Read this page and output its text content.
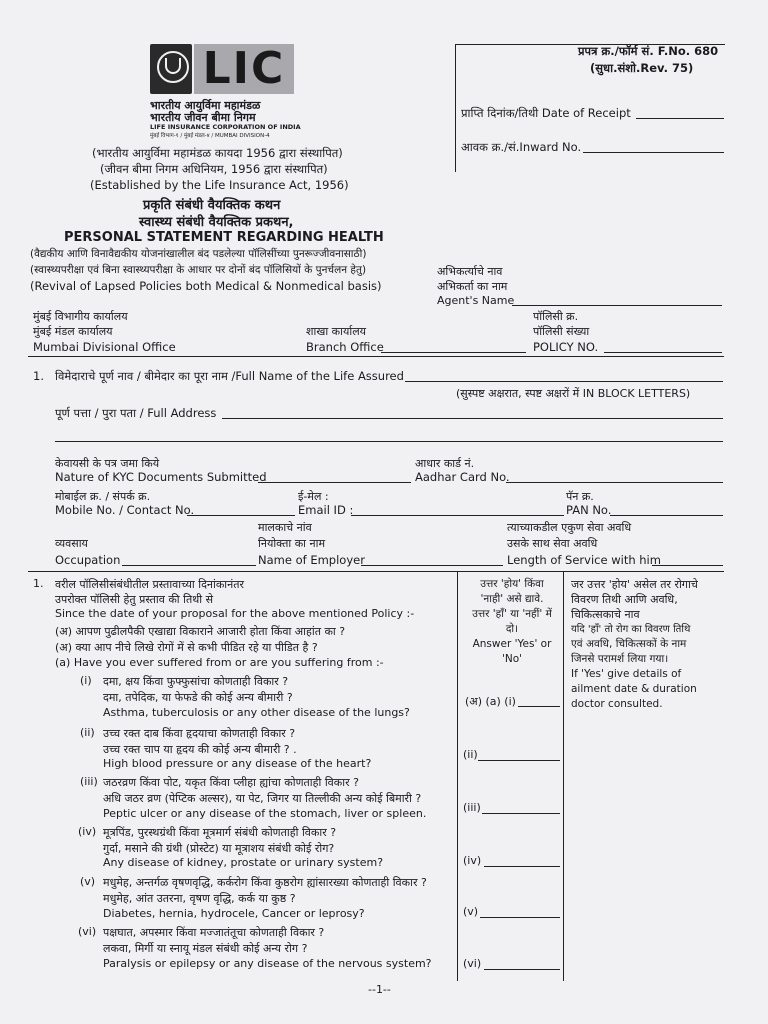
LIC
भारतीय आयुर्विमा महामंडळ
भारतीय जीवन बीमा निगम
LIFE INSURANCE CORPORATION OF INDIA
मुंबई विभाग-१ / मुंबई मंडल-४ / MUMBAI DIVISION-4
(भारतीय आयुर्विमा महामंडळ कायदा 1956 द्वारा संस्थापित)
(जीवन बीमा निगम अधिनियम, 1956 द्वारा संस्थापित)
(Established by the Life Insurance Act, 1956)
प्रपत्र क्र./फॉर्म सं. F.No. 680
(सुधा.संशो.Rev. 75)
प्राप्ति दिनांक/तिथी Date of Receipt
आवक क्र./सं.Inward No.
प्रकृति संबंधी वैयक्तिक कथन
स्वास्थ्य संबंधी वैयक्तिक प्रकथन,
PERSONAL STATEMENT REGARDING HEALTH
(वैद्यकीय आणि विनावैद्यकीय योजनांखालील बंद पडलेल्या पॉलिसींच्या पुनरूज्जीवनासाठी)
(स्वास्थ्यपरीक्षा एवं बिना स्वास्थ्यपरीक्षा के आधार पर दोनों बंद पॉलिसियों के पुनर्चलन हेतु)
(Revival of Lapsed Policies both Medical & Nonmedical basis)
अभिकर्त्याचे नाव
अभिकर्ता का नाम
Agent's Name
मुंबई विभागीय कार्यालय
मुंबई मंडल कार्यालय
Mumbai Divisional Office
शाखा कार्यालय
Branch Office
पॉलिसी क्र.
पॉलिसी संख्या
POLICY NO.
1. विमेदाराचे पूर्ण नाव / बीमेदार का पूरा नाम /Full Name of the Life Assured
(सुस्पष्ट अक्षरात, स्पष्ट अक्षरों में IN BLOCK LETTERS)
पूर्ण पत्ता / पुरा पता / Full Address
केवायसी के पत्र जमा किये
Nature of KYC Documents Submitted
आधार कार्ड नं.
Aadhar Card No.
मोबाईल क्र. / संपर्क क्र.
Mobile No. / Contact No.
ई-मेल :
Email ID :
पॅन क्र.
PAN No.
मालकाचे नांव
नियोक्ता का नाम
Name of Employer
व्यवसाय
Occupation
त्याच्याकडील एकुण सेवा अवधि
उसके साथ सेवा अवधि
Length of Service with him
1. वरील पॉलिसीसंबंधीतील प्रस्तावाच्या दिनांकानंतर
उपरोक्त पॉलिसी हेतु प्रस्ताव की तिथी से
Since the date of your proposal for the above mentioned Policy :-
(अ) आपण पुढीलपैकी एखाद्या विकाराने आजारी होता किंवा आहांत का ?
(अ) क्या आप नीचे लिखे रोगों में से कभी पीडित रहे या पीडित है ?
(a) Have you ever suffered from or are you suffering from :-
उत्तर 'होय' किंवा
'नाही' असे द्यावे.
उत्तर 'हॉं' या 'नहीं' में
दो।
Answer 'Yes' or
'No'
जर उत्तर 'होय' असेल तर रोगाचे
विवरण तिथी आणि अवधि,
चिकित्सकाचे नाव
यदि 'हॉं' तो रोग का विवरण तिथि
एवं अवधि, चिकित्सकों के नाम
जिनसे परामर्श लिया गया।
If 'Yes' give details of
ailment date & duration
doctor consulted.
(i) दमा, क्षय किंवा फुफ्फुसांचा कोणताही विकार ?
दमा, तपेदिक, या फेफडे की कोई अन्य बीमारी ?
Asthma, tuberculosis or any other disease of the lungs?
(अ) (a) (i)
(ii) उच्च रक्त दाब किंवा हृदयाचा कोणताही विकार ?
उच्च रक्त चाप या हृदय की कोई अन्य बीमारी ? .
High blood pressure or any disease of the heart?
(ii)
(iii) जठरव्रण किंवा पोट, यकृत किंवा प्लीहा ह्यांचा कोणताही विकार ?
अधि जठर व्रण (पेप्टिक अल्सर), या पेट, जिगर या तिल्लीकी अन्य कोई बिमारी ?
Peptic ulcer or any disease of the stomach, liver or spleen.	(iii)
(iv) मूत्रपिंड, पुरस्थग्रंथी किंवा मूत्रमार्ग संबंधी कोणताही विकार ?
गुर्दा, मसाने की ग्रंथी (प्रोस्टेट) या मूत्राशय संबंधी कोई रोग?
Any disease of kidney, prostate or urinary system?	(iv)
(v) मधुमेह, अन्तर्गळ वृषणवृद्धि, कर्करोग किंवा कुष्ठरोग ह्यांसारख्या कोणताही विकार ?
मधुमेह, आंत उतरना, वृषण वृद्धि, कर्क या कुष्ठ ?
Diabetes, hernia, hydrocele, Cancer or leprosy?	(v)
(vi) पक्षघात, अपस्मार किंवा मज्जातंतूचा कोणताही विकार ?
लकवा, मिर्गी या स्नायू मंडल संबंधी कोई अन्य रोग ?
Paralysis or epilepsy or any disease of the nervous system?	(vi)
--1--
